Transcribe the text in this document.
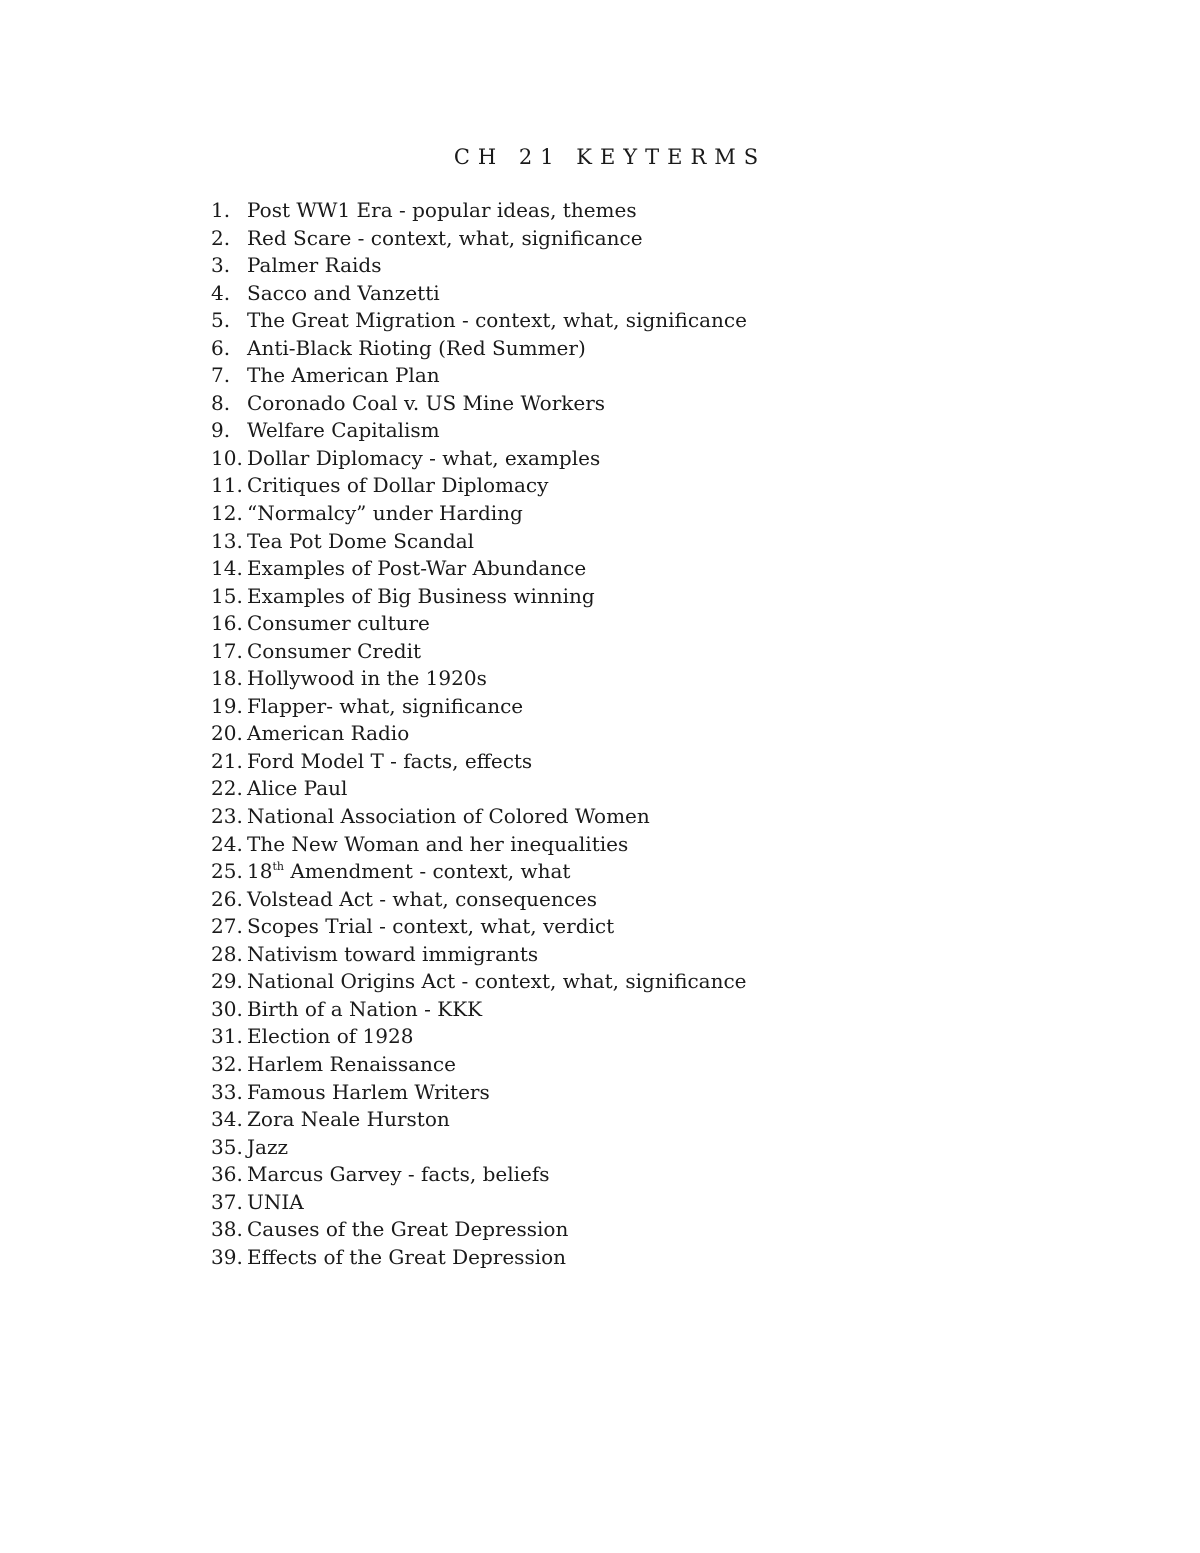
CH 21 KEYTERMS
1. Post WW1 Era - popular ideas, themes
2. Red Scare - context, what, significance
3. Palmer Raids
4. Sacco and Vanzetti
5. The Great Migration - context, what, significance
6. Anti-Black Rioting (Red Summer)
7. The American Plan
8. Coronado Coal v. US Mine Workers
9. Welfare Capitalism
10. Dollar Diplomacy - what, examples
11. Critiques of Dollar Diplomacy
12. “Normalcy” under Harding
13. Tea Pot Dome Scandal
14. Examples of Post-War Abundance
15. Examples of Big Business winning
16. Consumer culture
17. Consumer Credit
18. Hollywood in the 1920s
19. Flapper- what, significance
20. American Radio
21. Ford Model T - facts, effects
22. Alice Paul
23. National Association of Colored Women
24. The New Woman and her inequalities
25. 18th Amendment - context, what
26. Volstead Act - what, consequences
27. Scopes Trial - context, what, verdict
28. Nativism toward immigrants
29. National Origins Act - context, what, significance
30. Birth of a Nation - KKK
31. Election of 1928
32. Harlem Renaissance
33. Famous Harlem Writers
34. Zora Neale Hurston
35. Jazz
36. Marcus Garvey - facts, beliefs
37. UNIA
38. Causes of the Great Depression
39. Effects of the Great Depression
